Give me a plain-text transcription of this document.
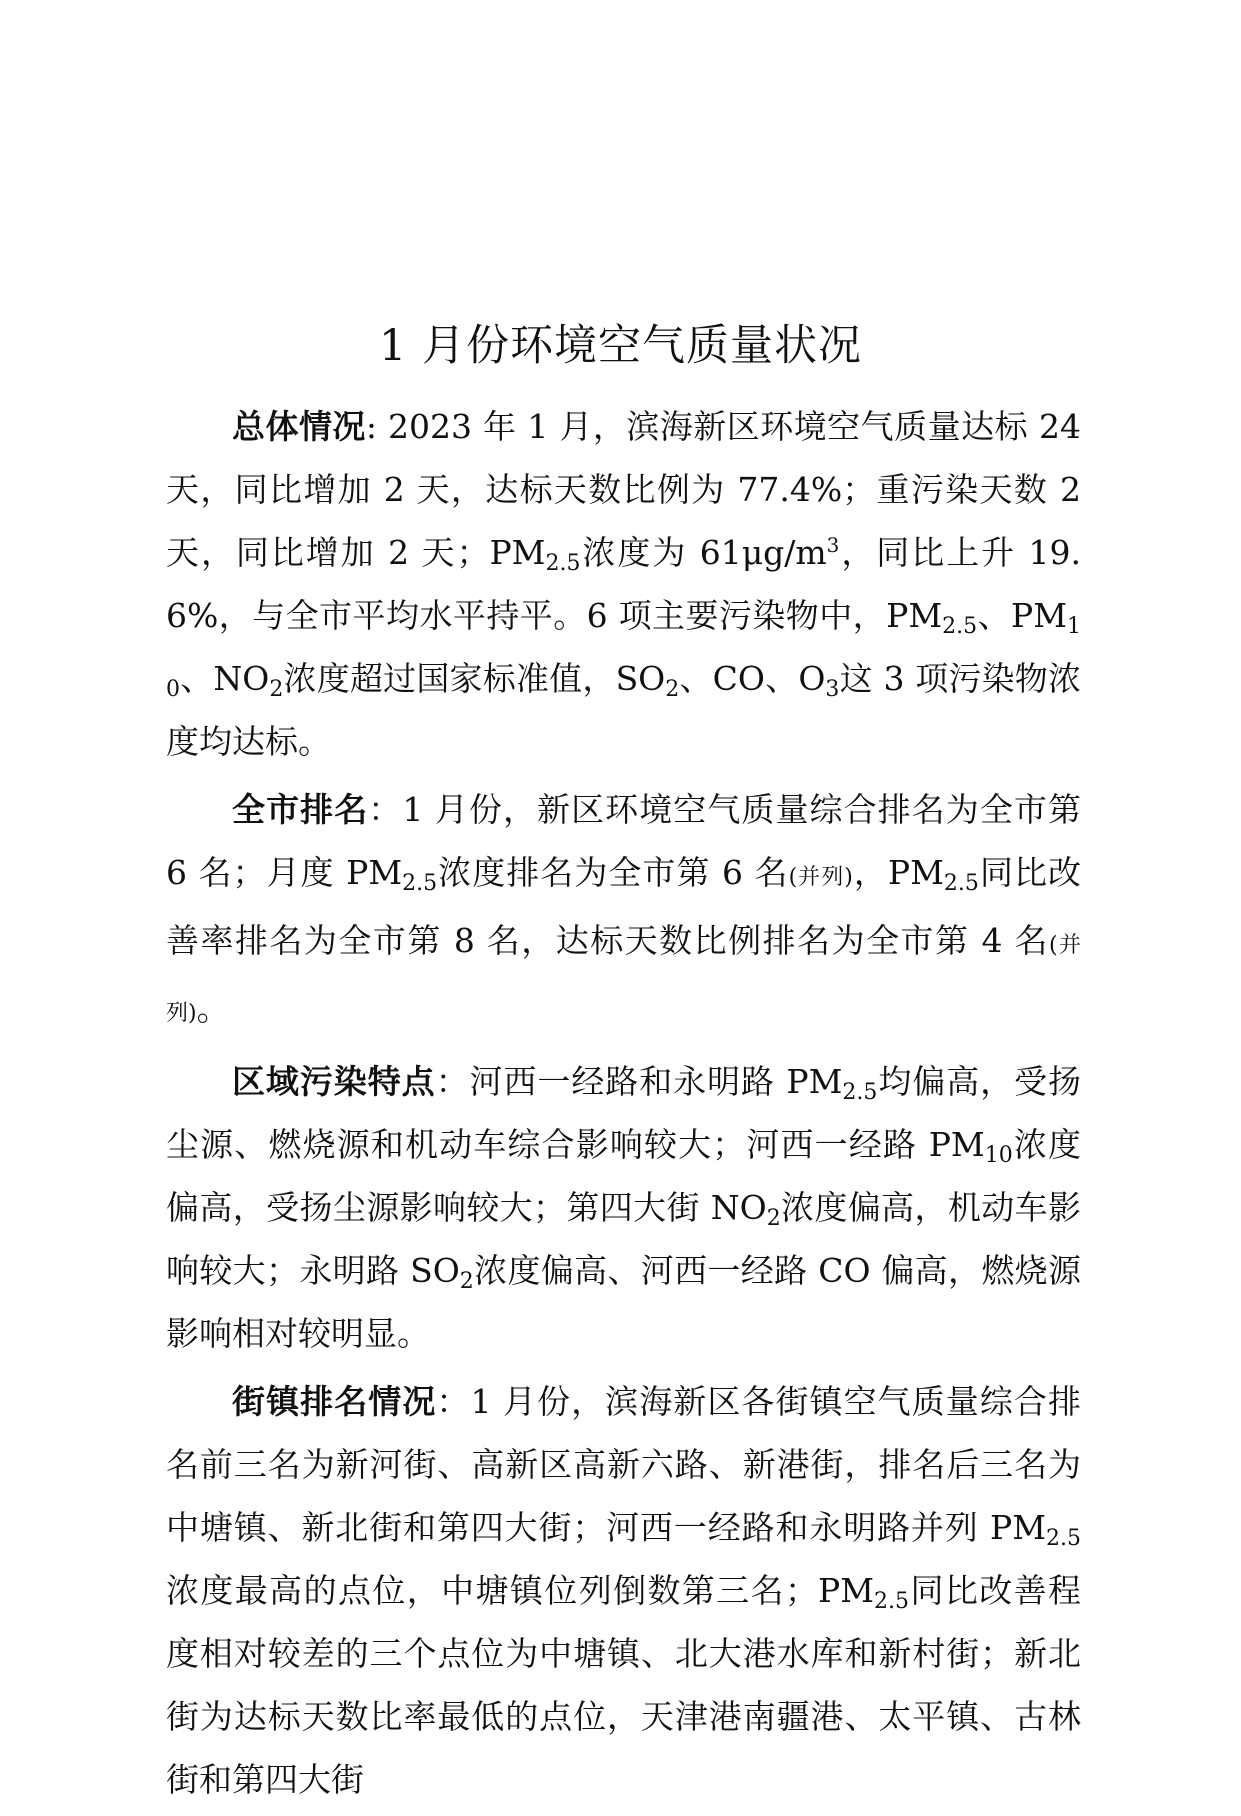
1 月份环境空气质量状况

总体情况: 2023 年 1 月，滨海新区环境空气质量达标 24 天，同比增加 2 天，达标天数比例为 77.4%；重污染天数 2 天，同比增加 2 天；$PM_{2.5}$浓度为 $61\mu g/m^3$，同比上升 19.6%，与全市平均水平持平。6 项主要污染物中，$PM_{2.5}$、$PM_{10}$、$NO_2$浓度超过国家标准值，$SO_2$、CO、$O_3$这 3 项污染物浓度均达标。

全市排名：1 月份，新区环境空气质量综合排名为全市第 6 名；月度 $PM_{2.5}$浓度排名为全市第 6 名(并列)，$PM_{2.5}$同比改善率排名为全市第 8 名，达标天数比例排名为全市第 4 名(并列)。

区域污染特点：河西一经路和永明路 $PM_{2.5}$均偏高，受扬尘源、燃烧源和机动车综合影响较大；河西一经路 $PM_{10}$浓度偏高，受扬尘源影响较大；第四大街 $NO_2$浓度偏高，机动车影响较大；永明路 $SO_2$浓度偏高、河西一经路 CO 偏高，燃烧源影响相对较明显。

街镇排名情况：1 月份，滨海新区各街镇空气质量综合排名前三名为新河街、高新区高新六路、新港街，排名后三名为中塘镇、新北街和第四大街；河西一经路和永明路并列 $PM_{2.5}$浓度最高的点位，中塘镇位列倒数第三名；$PM_{2.5}$同比改善程度相对较差的三个点位为中塘镇、北大港水库和新村街；新北街为达标天数比率最低的点位，天津港南疆港、太平镇、古林街和第四大街
